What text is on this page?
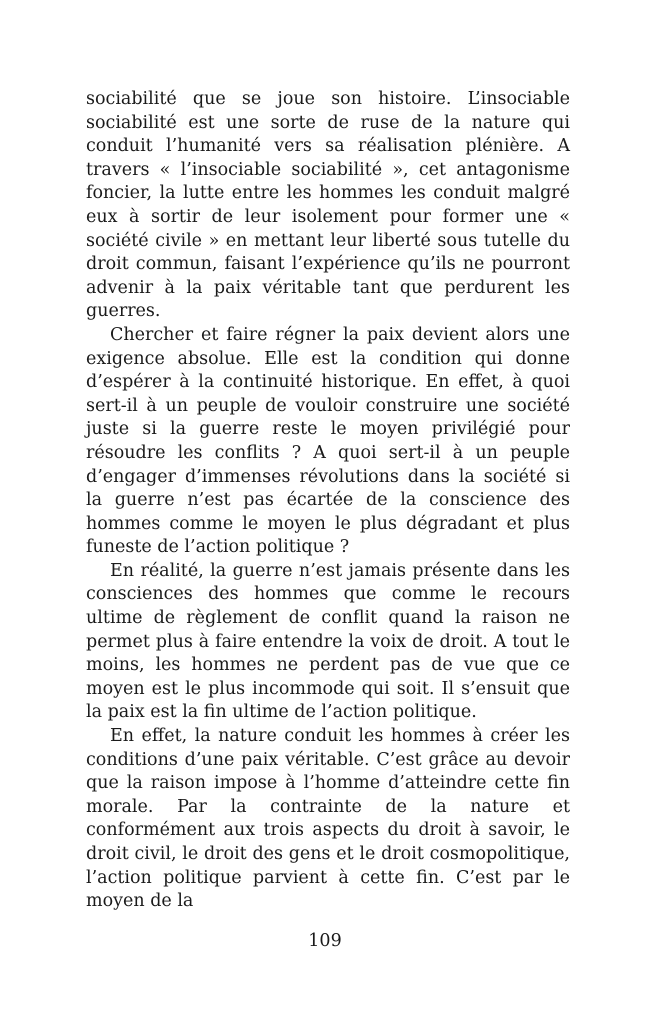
sociabilité que se joue son histoire. L’insociable sociabilité est une sorte de ruse de la nature qui conduit l’humanité vers sa réalisation plénière. A travers « l’insociable sociabilité », cet antagonisme foncier, la lutte entre les hommes les conduit malgré eux à sortir de leur isolement pour former une « société civile » en mettant leur liberté sous tutelle du droit commun, faisant l’expérience qu’ils ne pourront advenir à la paix véritable tant que perdurent les guerres.

Chercher et faire régner la paix devient alors une exigence absolue. Elle est la condition qui donne d’espérer à la continuité historique. En effet, à quoi sert-il à un peuple de vouloir construire une société juste si la guerre reste le moyen privilégié pour résoudre les conflits ? A quoi sert-il à un peuple d’engager d’immenses révolutions dans la société si la guerre n’est pas écartée de la conscience des hommes comme le moyen le plus dégradant et plus funeste de l’action politique ?

En réalité, la guerre n’est jamais présente dans les consciences des hommes que comme le recours ultime de règlement de conflit quand la raison ne permet plus à faire entendre la voix de droit. A tout le moins, les hommes ne perdent pas de vue que ce moyen est le plus incommode qui soit. Il s’ensuit que la paix est la fin ultime de l’action politique.

En effet, la nature conduit les hommes à créer les conditions d’une paix véritable. C’est grâce au devoir que la raison impose à l’homme d’atteindre cette fin morale. Par la contrainte de la nature et conformément aux trois aspects du droit à savoir, le droit civil, le droit des gens et le droit cosmopolitique, l’action politique parvient à cette fin. C’est par le moyen de la

109
